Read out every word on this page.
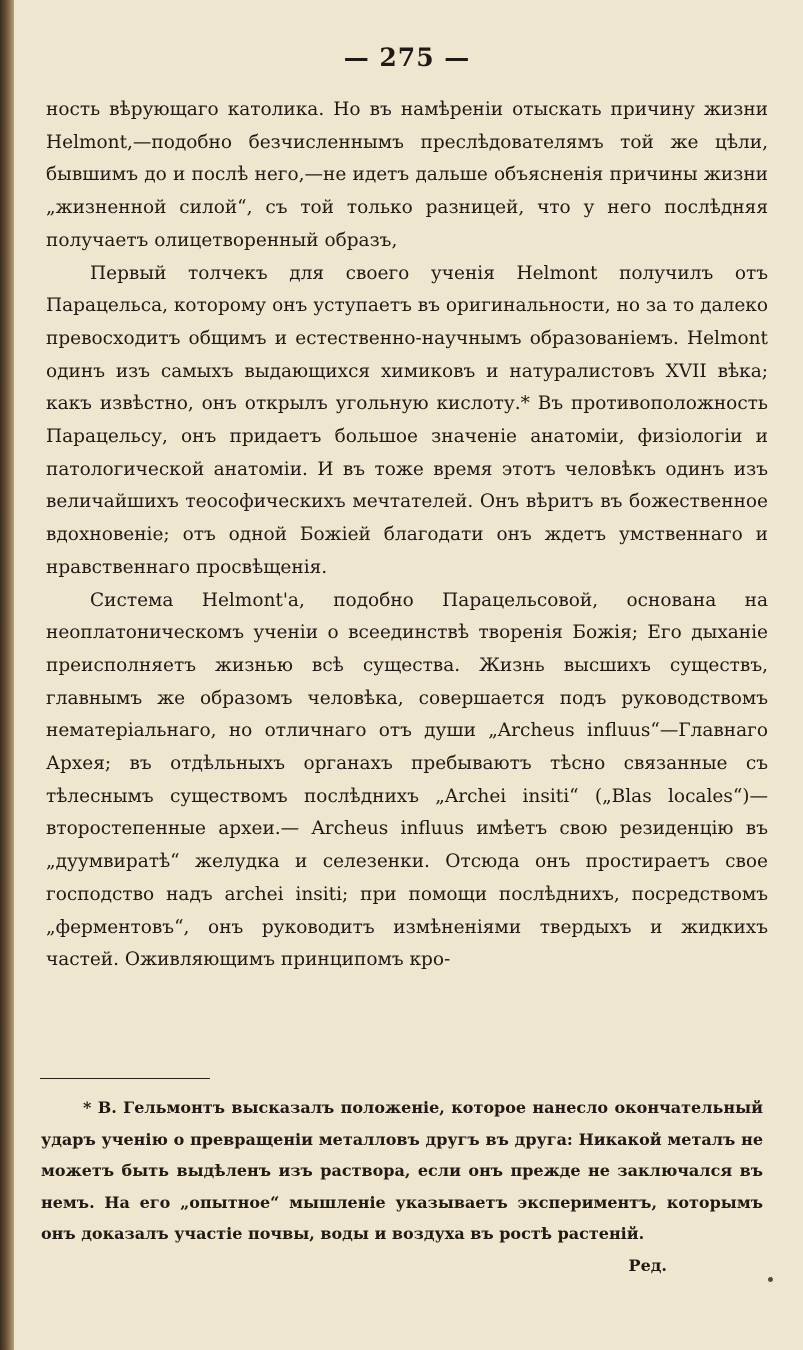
— 275 —

ность вѣрующаго католика. Но въ намѣреніи отыскать причину жизни Helmont,—подобно безчисленнымъ преслѣдователямъ той же цѣли, бывшимъ до и послѣ него,—не идетъ дальше объясненія причины жизни „жизненной силой“, съ той только разницей, что у него послѣдняя получаетъ олицетворенный образъ,

Первый толчекъ для своего ученія Helmont получилъ отъ Парацельса, которому онъ уступаетъ въ оригинальности, но за то далеко превосходитъ общимъ и естественно-научнымъ образованіемъ. Helmont одинъ изъ самыхъ выдающихся химиковъ и натуралистовъ XVII вѣка; какъ извѣстно, онъ открылъ угольную кислоту.* Въ противоположность Парацельсу, онъ придаетъ большое значеніе анатоміи, физіологіи и патологической анатоміи. И въ тоже время этотъ человѣкъ одинъ изъ величайшихъ теософическихъ мечтателей. Онъ вѣритъ въ божественное вдохновеніе; отъ одной Божіей благодати онъ ждетъ умственнаго и нравственнаго просвѣщенія.

Система Helmont'а, подобно Парацельсовой, основана на неоплатоническомъ ученіи о всеединствѣ творенія Божія; Его дыханіе преисполняетъ жизнью всѣ существа. Жизнь высшихъ существъ, главнымъ же образомъ человѣка, совершается подъ руководствомъ нематеріальнаго, но отличнаго отъ души „Archeus influus“—Главнаго Архея; въ отдѣльныхъ органахъ пребываютъ тѣсно связанные съ тѣлеснымъ существомъ послѣднихъ „Archei insiti“ („Blas locales“)—второстепенные археи.— Archeus influus имѣетъ свою резиденцію въ „дуумвиратѣ“ желудка и селезенки. Отсюда онъ простираетъ свое господство надъ archei insiti; при помощи послѣднихъ, посредствомъ „ферментовъ“, онъ руководитъ измѣненіями твердыхъ и жидкихъ частей. Оживляющимъ принципомъ кро-

* В. Гельмонтъ высказалъ положеніе, которое нанесло окончательный ударъ ученію о превращеніи металловъ другъ въ друга: Никакой металъ не можетъ быть выдѣленъ изъ раствора, если онъ прежде не заключался въ немъ. На его „опытное“ мышленіе указываетъ экспериментъ, которымъ онъ доказалъ участіе почвы, воды и воздуха въ ростѣ растеній.
Ред.
